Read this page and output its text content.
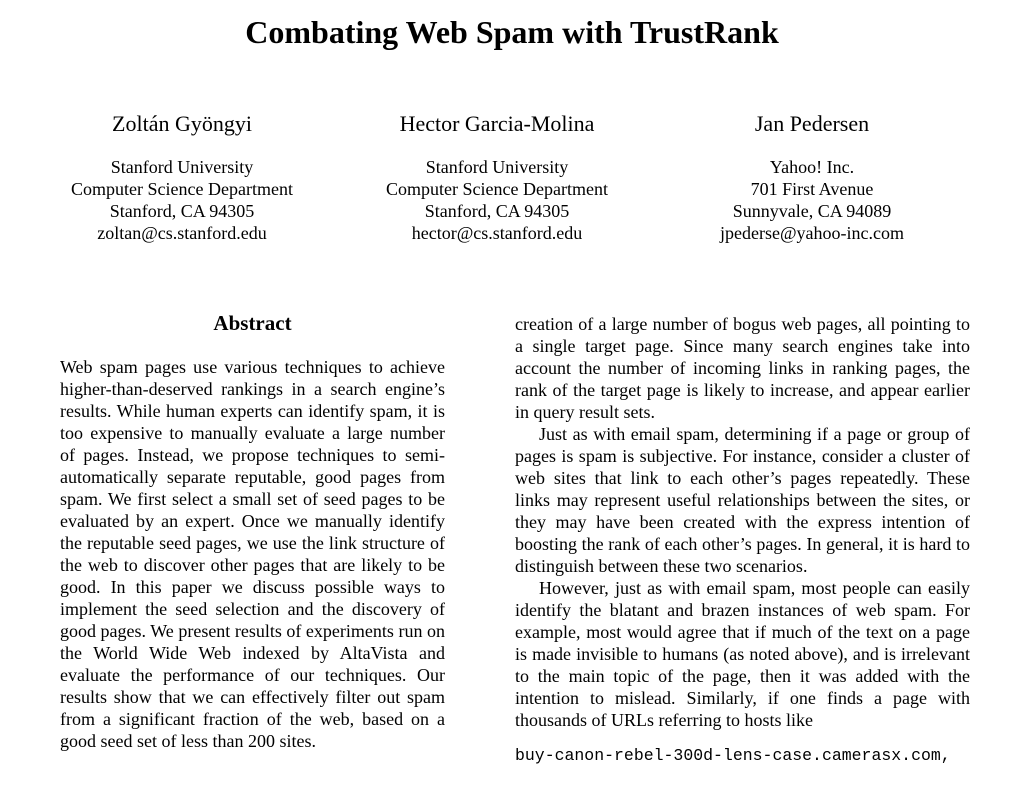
Combating Web Spam with TrustRank
Zoltán Gyöngyi
Stanford University
Computer Science Department
Stanford, CA 94305
zoltan@cs.stanford.edu
Hector Garcia-Molina
Stanford University
Computer Science Department
Stanford, CA 94305
hector@cs.stanford.edu
Jan Pedersen
Yahoo! Inc.
701 First Avenue
Sunnyvale, CA 94089
jpederse@yahoo-inc.com
Abstract
Web spam pages use various techniques to achieve higher-than-deserved rankings in a search engine’s results. While human experts can identify spam, it is too expensive to manually evaluate a large number of pages. Instead, we propose techniques to semi-automatically separate reputable, good pages from spam. We first select a small set of seed pages to be evaluated by an expert. Once we manually identify the reputable seed pages, we use the link structure of the web to discover other pages that are likely to be good. In this paper we discuss possible ways to implement the seed selection and the discovery of good pages. We present results of experiments run on the World Wide Web indexed by AltaVista and evaluate the performance of our techniques. Our results show that we can effectively filter out spam from a significant fraction of the web, based on a good seed set of less than 200 sites.
creation of a large number of bogus web pages, all pointing to a single target page. Since many search engines take into account the number of incoming links in ranking pages, the rank of the target page is likely to increase, and appear earlier in query result sets.
Just as with email spam, determining if a page or group of pages is spam is subjective. For instance, consider a cluster of web sites that link to each other’s pages repeatedly. These links may represent useful relationships between the sites, or they may have been created with the express intention of boosting the rank of each other’s pages. In general, it is hard to distinguish between these two scenarios.
However, just as with email spam, most people can easily identify the blatant and brazen instances of web spam. For example, most would agree that if much of the text on a page is made invisible to humans (as noted above), and is irrelevant to the main topic of the page, then it was added with the intention to mislead. Similarly, if one finds a page with thousands of URLs referring to hosts like
buy-canon-rebel-300d-lens-case.camerasx.com,
